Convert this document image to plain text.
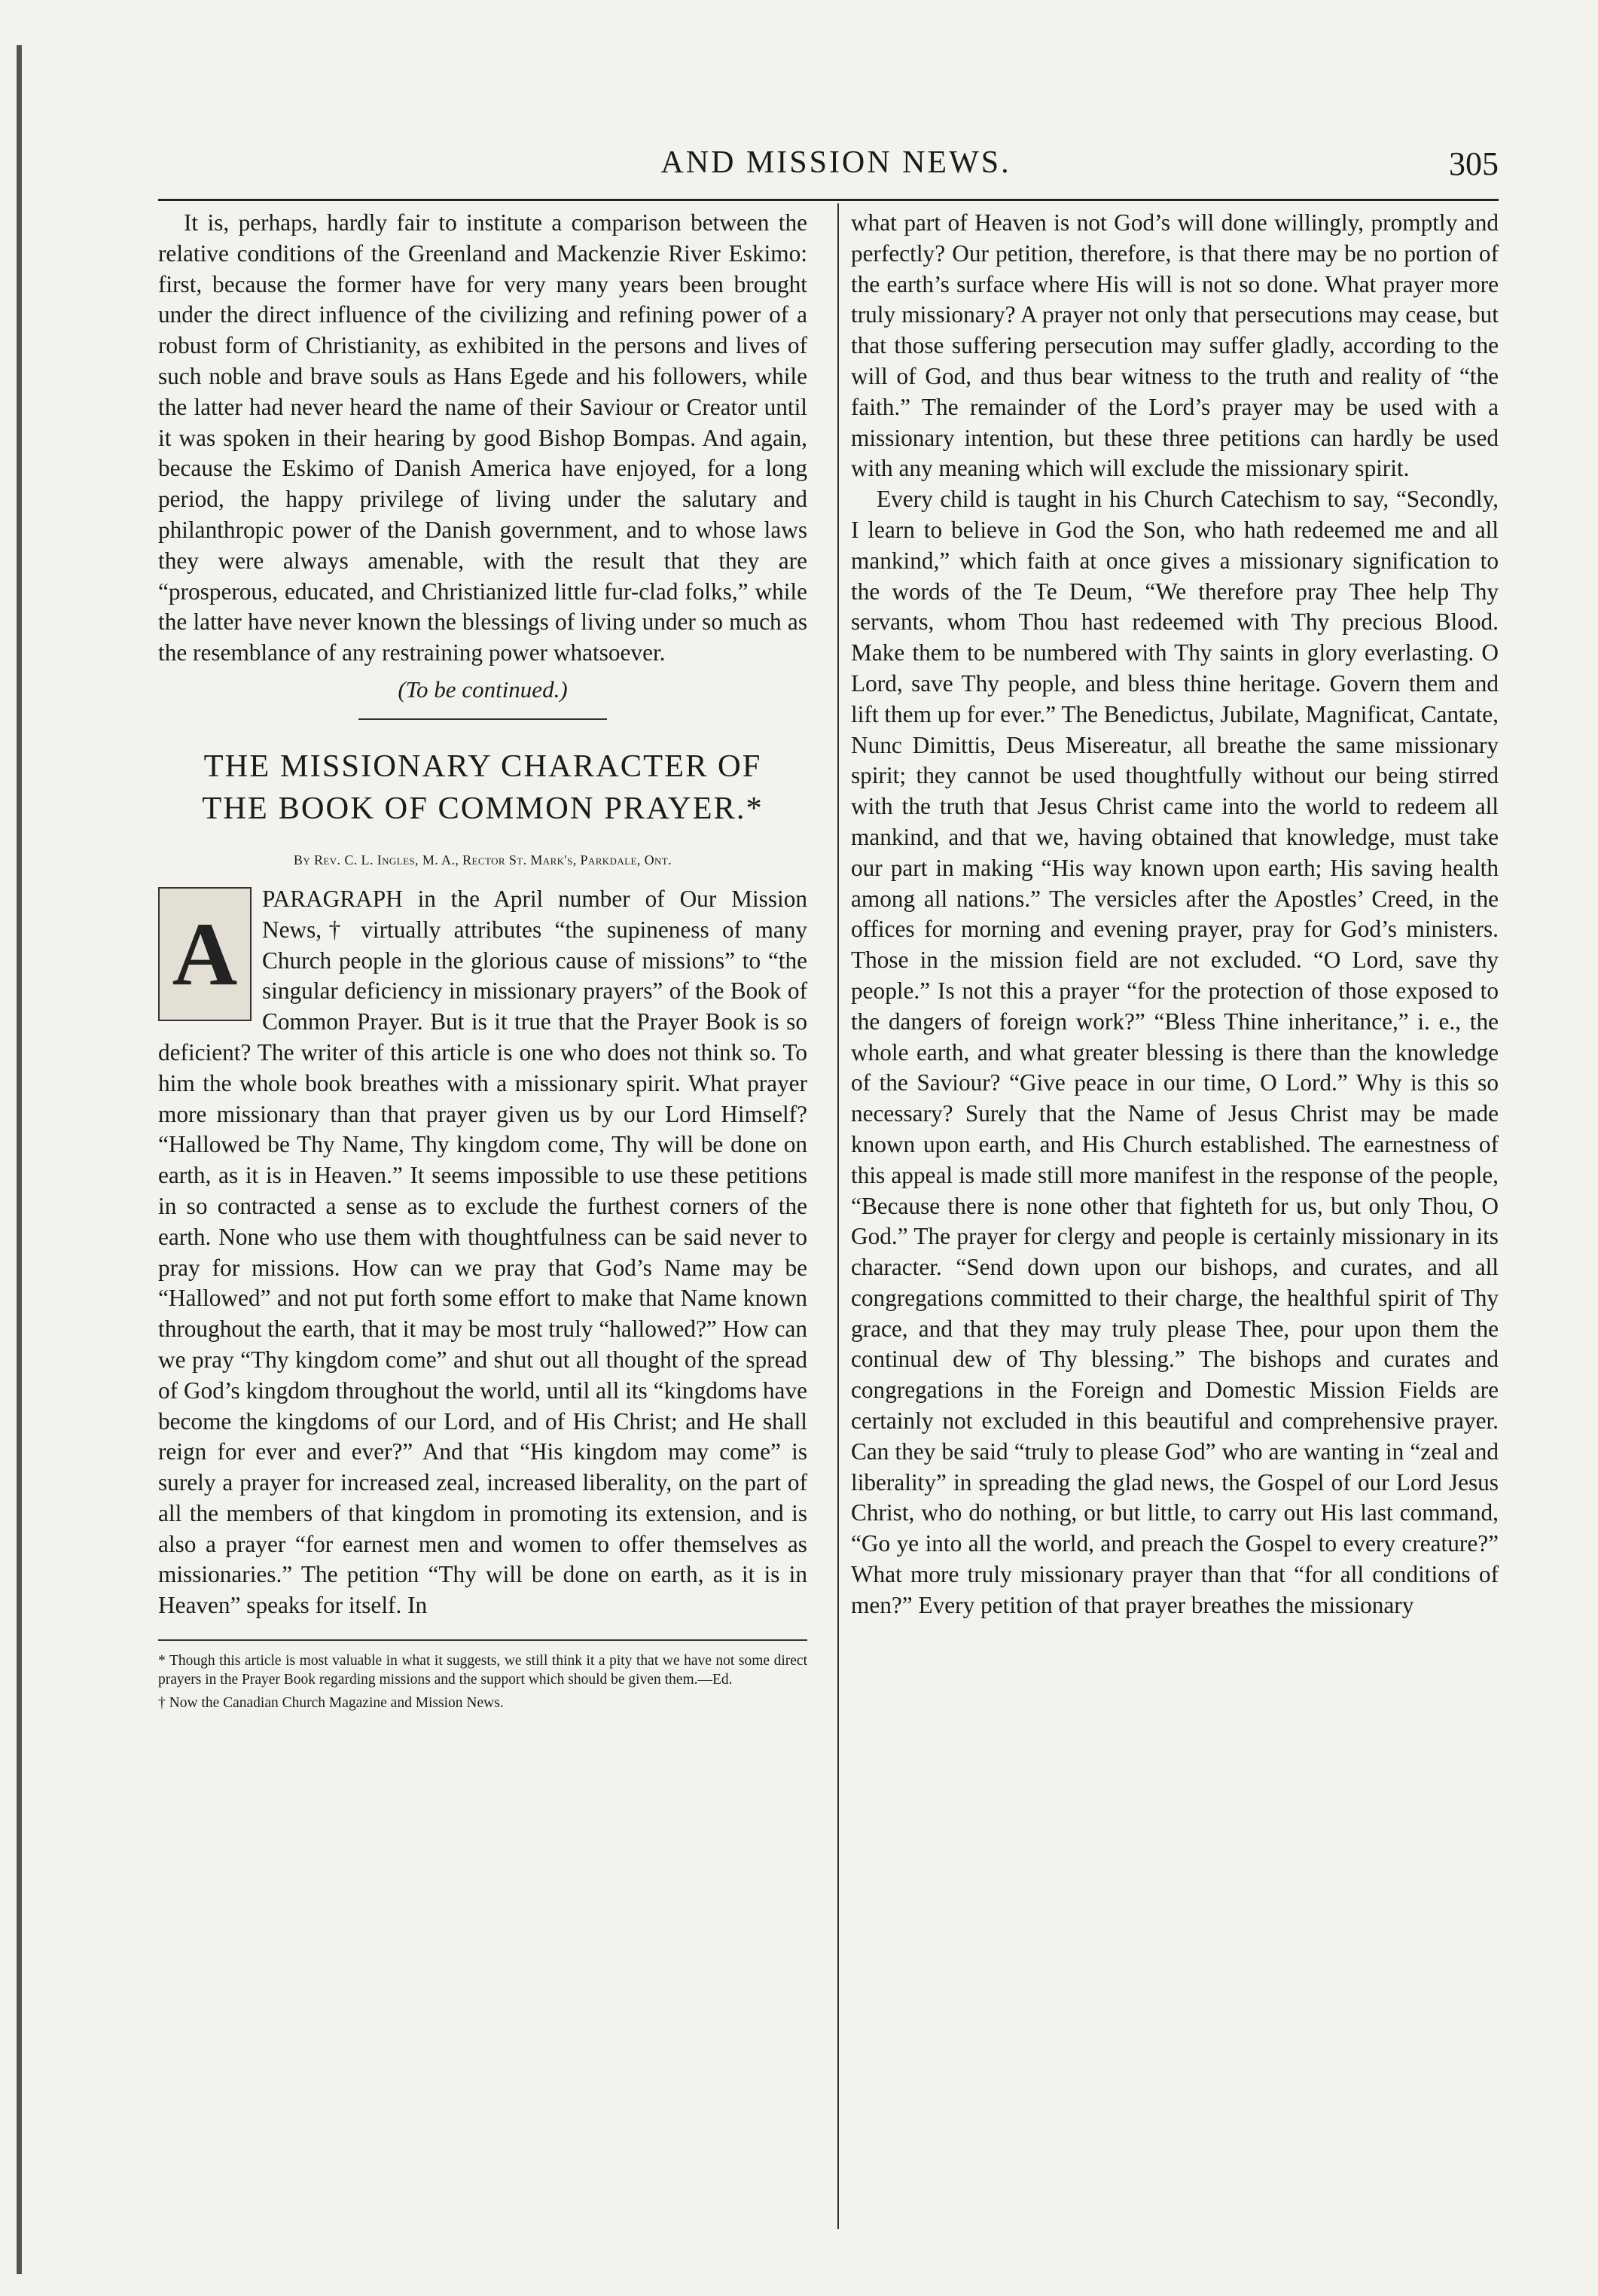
AND MISSION NEWS.	305

It is, perhaps, hardly fair to institute a comparison between the relative conditions of the Greenland and Mackenzie River Eskimo: first, because the former have for very many years been brought under the direct influence of the civilizing and refining power of a robust form of Christianity, as exhibited in the persons and lives of such noble and brave souls as Hans Egede and his followers, while the latter had never heard the name of their Saviour or Creator until it was spoken in their hearing by good Bishop Bompas. And again, because the Eskimo of Danish America have enjoyed, for a long period, the happy privilege of living under the salutary and philanthropic power of the Danish government, and to whose laws they were always amenable, with the result that they are “prosperous, educated, and Christianized little fur-clad folks,” while the latter have never known the blessings of living under so much as the resemblance of any restraining power whatsoever.

(To be continued.)

THE MISSIONARY CHARACTER OF

THE BOOK OF COMMON PRAYER.*

By Rev. C. L. Ingles, M. A., Rector St. Mark's, Parkdale, Ont.

A

PARAGRAPH in the April number of Our Mission News,† virtually attributes “the supineness of many Church people in the glorious cause of missions” to “the singular deficiency in missionary prayers” of the Book of Common Prayer. But is it true that the Prayer Book is so deficient? The writer of this article is one who does not think so. To him the whole book breathes with a missionary spirit. What prayer more missionary than that prayer given us by our Lord Himself? “Hallowed be Thy Name, Thy kingdom come, Thy will be done on earth, as it is in Heaven.” It seems impossible to use these petitions in so contracted a sense as to exclude the furthest corners of the earth. None who use them with thoughtfulness can be said never to pray for missions. How can we pray that God’s Name may be “Hallowed” and not put forth some effort to make that Name known throughout the earth, that it may be most truly “hallowed?” How can we pray “Thy kingdom come” and shut out all thought of the spread of God’s kingdom throughout the world, until all its “kingdoms have become the kingdoms of our Lord, and of His Christ; and He shall reign for ever and ever?” And that “His kingdom may come” is surely a prayer for increased zeal, increased liberality, on the part of all the members of that kingdom in promoting its extension, and is also a prayer “for earnest men and women to offer themselves as missionaries.” The petition “Thy will be done on earth, as it is in Heaven” speaks for itself. In

* Though this article is most valuable in what it suggests, we still think it a pity that we have not some direct prayers in the Prayer Book regarding missions and the support which should be given them.—Ed.

† Now the Canadian Church Magazine and Mission News.

what part of Heaven is not God’s will done willingly, promptly and perfectly? Our petition, therefore, is that there may be no portion of the earth’s surface where His will is not so done. What prayer more truly missionary? A prayer not only that persecutions may cease, but that those suffering persecution may suffer gladly, according to the will of God, and thus bear witness to the truth and reality of “the faith.” The remainder of the Lord’s prayer may be used with a missionary intention, but these three petitions can hardly be used with any meaning which will exclude the missionary spirit.

Every child is taught in his Church Catechism to say, “Secondly, I learn to believe in God the Son, who hath redeemed me and all mankind,” which faith at once gives a missionary signification to the words of the Te Deum, “We therefore pray Thee help Thy servants, whom Thou hast redeemed with Thy precious Blood. Make them to be numbered with Thy saints in glory everlasting. O Lord, save Thy people, and bless thine heritage. Govern them and lift them up for ever.” The Benedictus, Jubilate, Magnificat, Cantate, Nunc Dimittis, Deus Misereatur, all breathe the same missionary spirit; they cannot be used thoughtfully without our being stirred with the truth that Jesus Christ came into the world to redeem all mankind, and that we, having obtained that knowledge, must take our part in making “His way known upon earth; His saving health among all nations.” The versicles after the Apostles’ Creed, in the offices for morning and evening prayer, pray for God’s ministers. Those in the mission field are not excluded. “O Lord, save thy people.” Is not this a prayer “for the protection of those exposed to the dangers of foreign work?” “Bless Thine inheritance,” i. e., the whole earth, and what greater blessing is there than the knowledge of the Saviour? “Give peace in our time, O Lord.” Why is this so necessary? Surely that the Name of Jesus Christ may be made known upon earth, and His Church established. The earnestness of this appeal is made still more manifest in the response of the people, “Because there is none other that fighteth for us, but only Thou, O God.” The prayer for clergy and people is certainly missionary in its character. “Send down upon our bishops, and curates, and all congregations committed to their charge, the healthful spirit of Thy grace, and that they may truly please Thee, pour upon them the continual dew of Thy blessing.” The bishops and curates and congregations in the Foreign and Domestic Mission Fields are certainly not excluded in this beautiful and comprehensive prayer. Can they be said “truly to please God” who are wanting in “zeal and liberality” in spreading the glad news, the Gospel of our Lord Jesus Christ, who do nothing, or but little, to carry out His last command, “Go ye into all the world, and preach the Gospel to every creature?” What more truly missionary prayer than that “for all conditions of men?” Every petition of that prayer breathes the missionary
